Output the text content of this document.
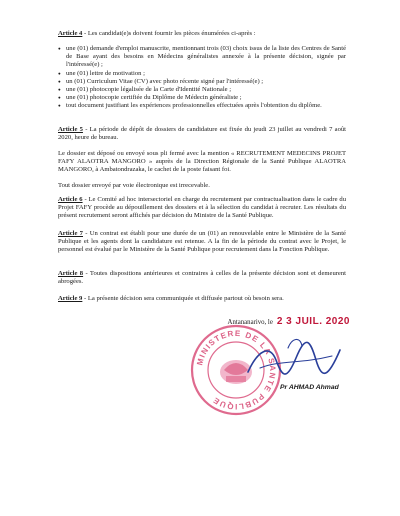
Article 4 - Les candidat(e)s doivent fournir les pièces énumérées ci-après :
● une (01) demande d'emploi manuscrite, mentionnant trois (03) choix issus de la liste des Centres de Santé de Base ayant des besoins en Médecins généralistes annexée à la présente décision, signée par l'intéressé(e) ;
● une (01) lettre de motivation ;
● un (01) Curriculum Vitae (CV) avec photo récente signé par l'intéressé(e) ;
● une (01) photocopie légalisée de la Carte d'Identité Nationale ;
● une (01) photocopie certifiée du Diplôme de Médecin généraliste ;
● tout document justifiant les expériences professionnelles effectuées après l'obtention du diplôme.
Article 5 - La période de dépôt de dossiers de candidature est fixée du jeudi 23 juillet au vendredi 7 août 2020, heure de bureau.
Le dossier est déposé ou envoyé sous pli fermé avec la mention « RECRUTEMENT MEDECINS PROJET FAFY ALAOTRA MANGORO » auprès de la Direction Régionale de la Santé Publique ALAOTRA MANGORO, à Ambatondrazaka, le cachet de la poste faisant foi.
Tout dossier envoyé par voie électronique est irrecevable.
Article 6 - Le Comité ad hoc intersectoriel en charge du recrutement par contractualisation dans le cadre du Projet FAFY procède au dépouillement des dossiers et à la sélection du candidat à recruter. Les résultats du présent recrutement seront affichés par décision du Ministre de la Santé Publique.
Article 7 - Un contrat est établi pour une durée de un (01) an renouvelable entre le Ministère de la Santé Publique et les agents dont la candidature est retenue. A la fin de la période du contrat avec le Projet, le personnel est évalué par le Ministère de la Santé Publique pour recrutement dans la Fonction Publique.
Article 8 - Toutes dispositions antérieures et contraires à celles de la présente décision sont et demeurent abrogées.
Article 9 - La présente décision sera communiquée et diffusée partout où besoin sera.
Antananarivo, le 2 3 JUIL. 2020
MINISTERE DE LA SANTE PUBLIQUE
Pr AHMAD Ahmad
